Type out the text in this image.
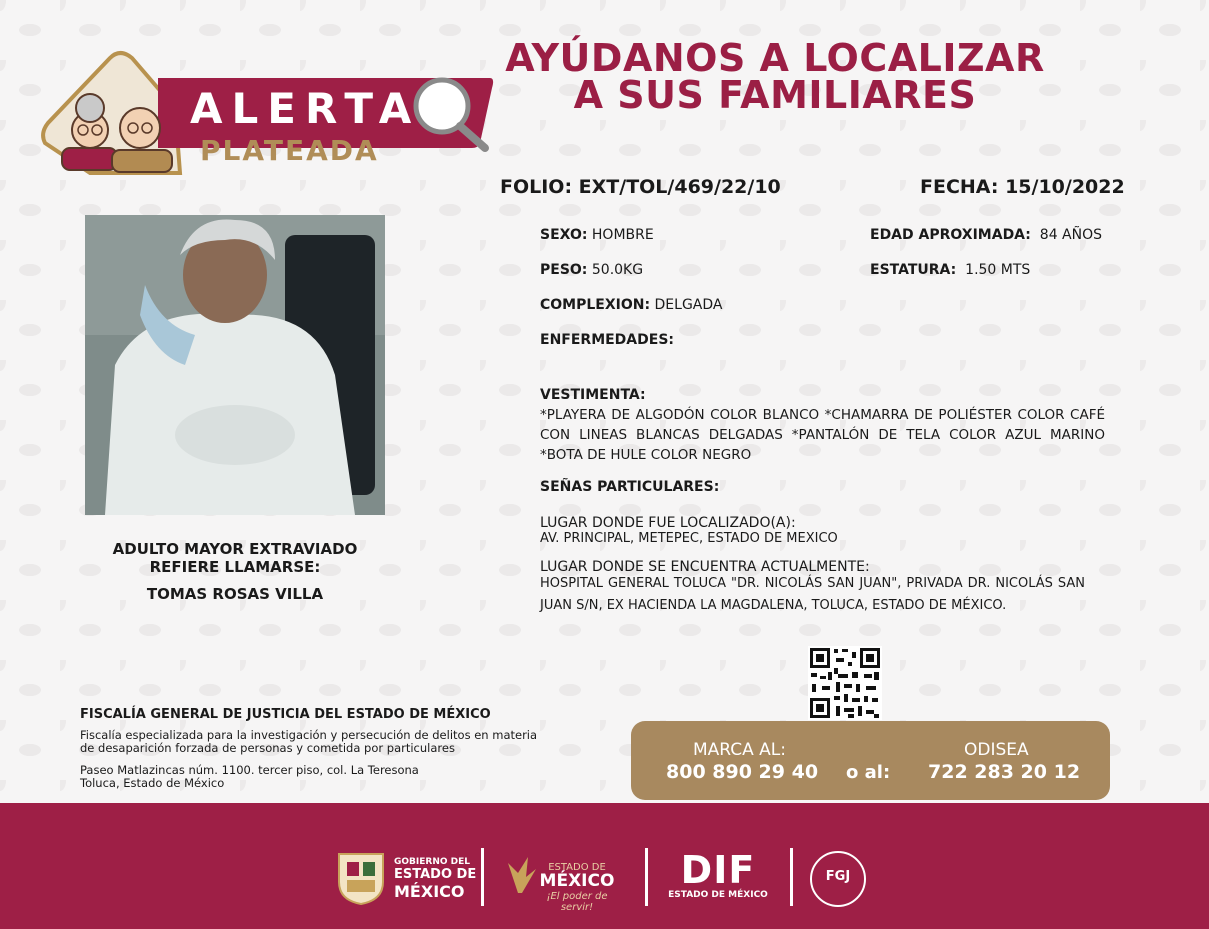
ALERTA
PLATEADA
AYÚDANOS A LOCALIZAR
A SUS FAMILIARES
FOLIO: EXT/TOL/469/22/10	FECHA: 15/10/2022
ADULTO MAYOR EXTRAVIADO
REFIERE LLAMARSE:
TOMAS ROSAS VILLA
SEXO: HOMBRE	EDAD APROXIMADA: 84 AÑOS
PESO: 50.0KG	ESTATURA: 1.50 MTS
COMPLEXION: DELGADA
ENFERMEDADES:
VESTIMENTA:
*PLAYERA DE ALGODÓN COLOR BLANCO *CHAMARRA DE POLIÉSTER COLOR CAFÉ CON LINEAS BLANCAS DELGADAS *PANTALÓN DE TELA COLOR AZUL MARINO *BOTA DE HULE COLOR NEGRO
SEÑAS PARTICULARES:
LUGAR DONDE FUE LOCALIZADO(A):
AV. PRINCIPAL, METEPEC, ESTADO DE MEXICO
LUGAR DONDE SE ENCUENTRA ACTUALMENTE:
HOSPITAL GENERAL TOLUCA "DR. NICOLÁS SAN JUAN", PRIVADA DR. NICOLÁS SAN JUAN S/N, EX HACIENDA LA MAGDALENA, TOLUCA, ESTADO DE MÉXICO.
FISCALÍA GENERAL DE JUSTICIA DEL ESTADO DE MÉXICO
Fiscalía especializada para la investigación y persecución de delitos en materia
de desaparición forzada de personas y cometida por particulares
Paseo Matlazincas núm. 1100. tercer piso, col. La Teresona
Toluca, Estado de México
MARCA AL:
800 890 29 40 o al:
ODISEA
722 283 20 12
GOBIERNO DEL
ESTADO DE
MÉXICO
ESTADO DE
MÉXICO
¡El poder de servir!
DIF
ESTADO DE MÉXICO
FGJ
